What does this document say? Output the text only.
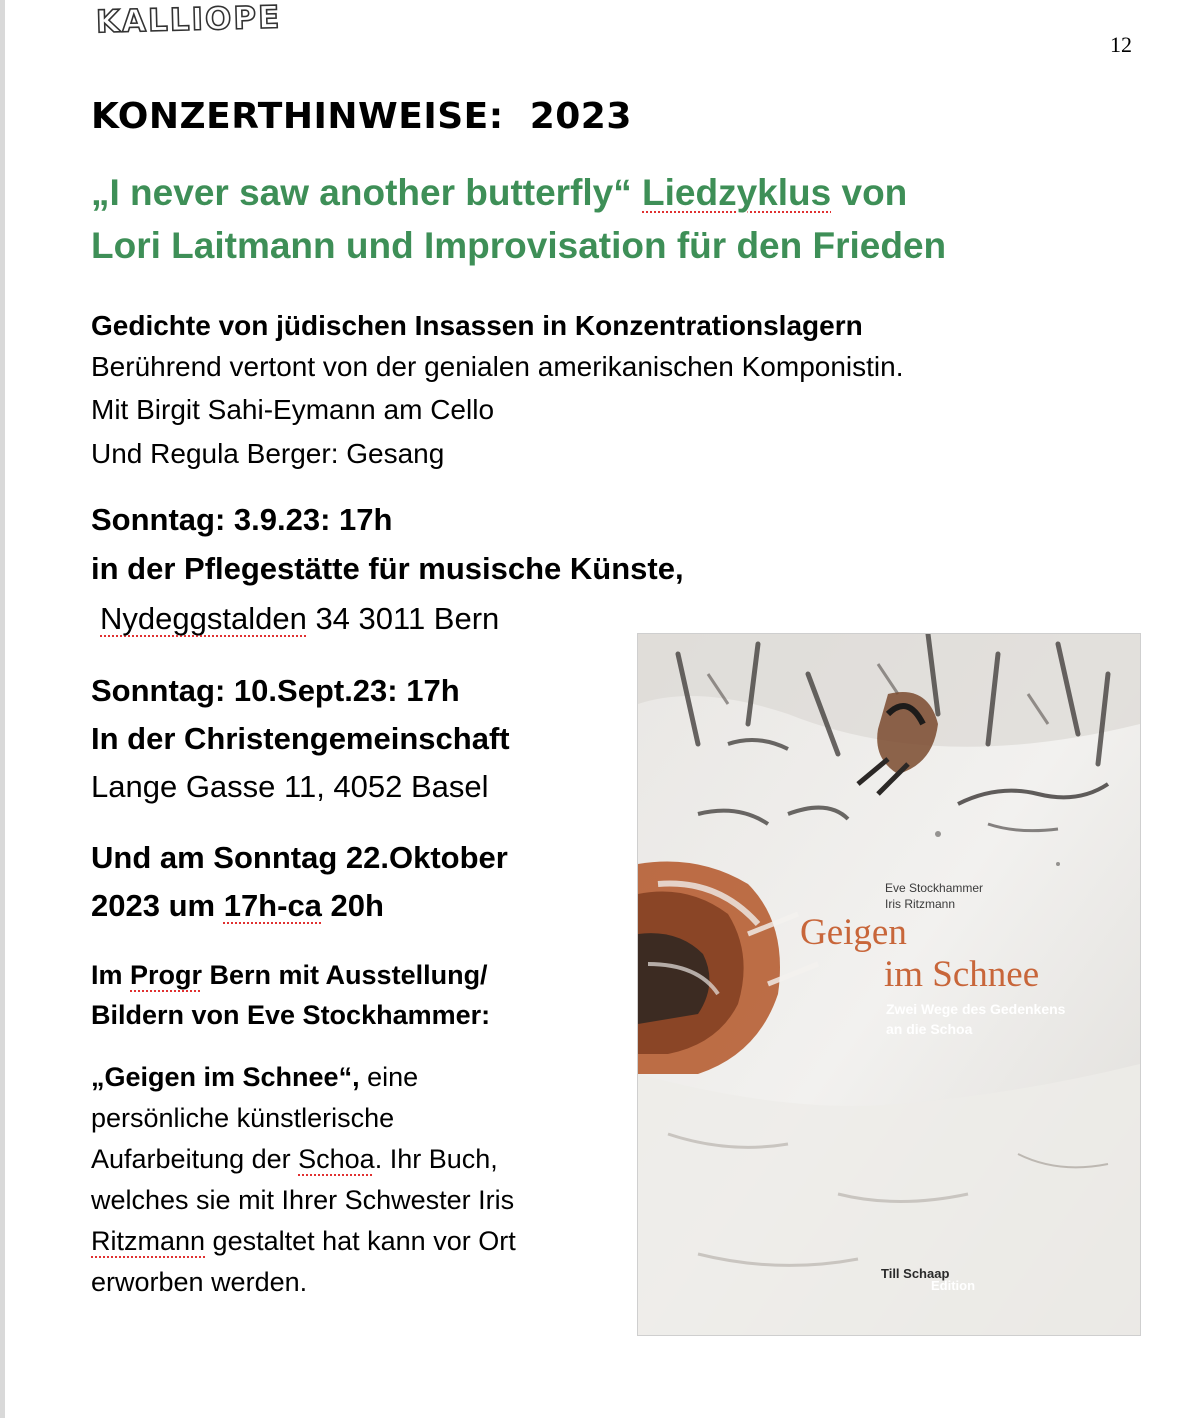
KALLIOPE
12
KONZERTHINWEISE:  2023
„I never saw another butterfly“ Liedzyklus von
Lori Laitmann und Improvisation für den Frieden
Gedichte von jüdischen Insassen in Konzentrationslagern
Berührend vertont von der genialen amerikanischen Komponistin.
Mit Birgit Sahi-Eymann am Cello
Und Regula Berger: Gesang
Sonntag: 3.9.23: 17h
in der Pflegestätte für musische Künste,
Nydeggstalden 34 3011 Bern
Sonntag: 10.Sept.23: 17h
In der Christengemeinschaft
Lange Gasse 11, 4052 Basel
Und am Sonntag 22.Oktober
2023 um 17h-ca 20h
Im Progr Bern mit Ausstellung/
Bildern von Eve Stockhammer:
„Geigen im Schnee“, eine
persönliche künstlerische
Aufarbeitung der Schoa. Ihr Buch,
welches sie mit Ihrer Schwester Iris
Ritzmann gestaltet hat kann vor Ort
erworben werden.
Eve Stockhammer
Iris Ritzmann
Geigen
im Schnee
Zwei Wege des Gedenkens
an die Schoa
Till Schaap
Edition
